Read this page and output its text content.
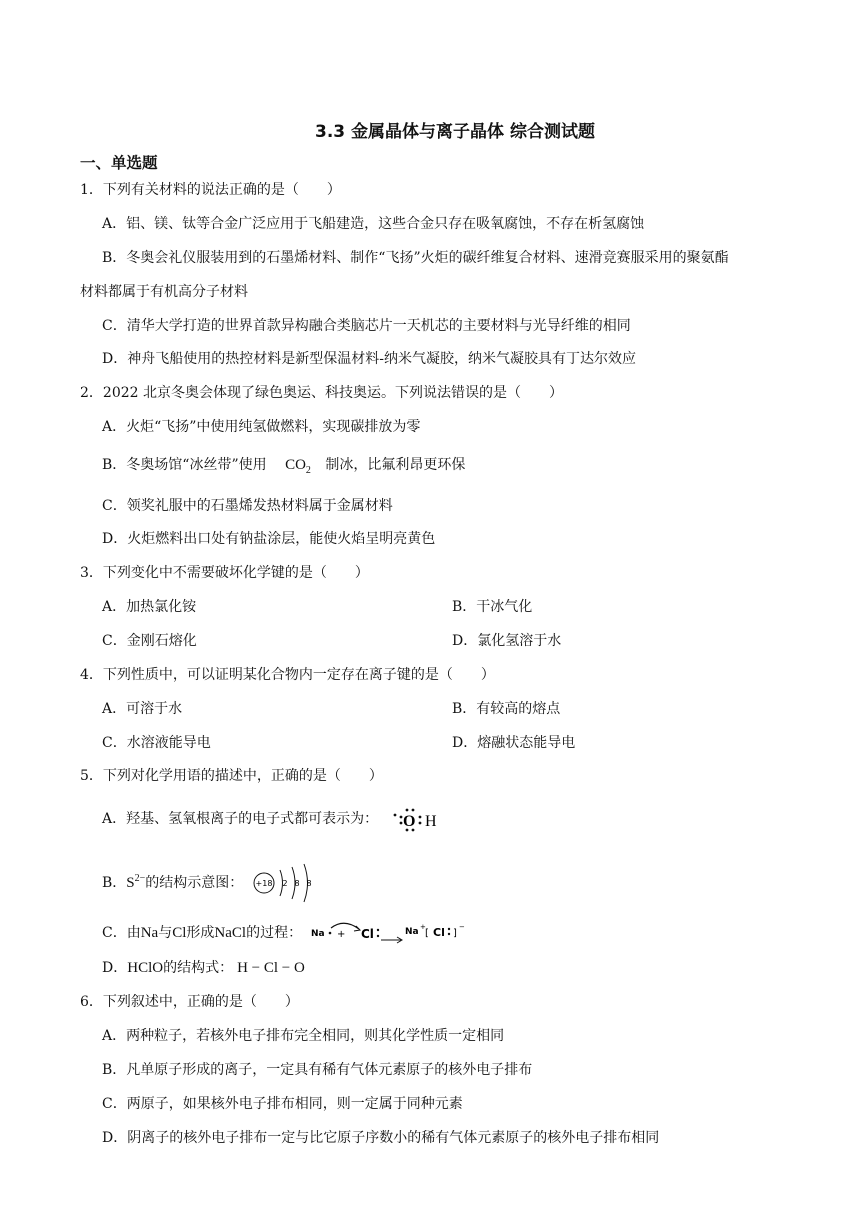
3.3 金属晶体与离子晶体 综合测试题
一、单选题
1．下列有关材料的说法正确的是（　　）
A．铝、镁、钛等合金广泛应用于飞船建造，这些合金只存在吸氧腐蚀，不存在析氢腐蚀
B．冬奥会礼仪服装用到的石墨烯材料、制作“飞扬”火炬的碳纤维复合材料、速滑竞赛服采用的聚氨酯
材料都属于有机高分子材料
C．清华大学打造的世界首款异构融合类脑芯片一天机芯的主要材料与光导纤维的相同
D．神舟飞船使用的热控材料是新型保温材料-纳米气凝胶，纳米气凝胶具有丁达尔效应
2．2022 北京冬奥会体现了绿色奥运、科技奥运。下列说法错误的是（　　）
A．火炬“飞扬”中使用纯氢做燃料，实现碳排放为零
B．冬奥场馆“冰丝带”使用 $CO_2$ 制冰，比氟利昂更环保
C．领奖礼服中的石墨烯发热材料属于金属材料
D．火炬燃料出口处有钠盐涂层，能使火焰呈明亮黄色
3．下列变化中不需要破坏化学键的是（　　）
A．加热氯化铵	B．干冰气化
C．金刚石熔化	D．氯化氢溶于水
4．下列性质中，可以证明某化合物内一定存在离子键的是（　　）
A．可溶于水	B．有较高的熔点
C．水溶液能导电	D．熔融状态能导电
5．下列对化学用语的描述中，正确的是（　　）
A．羟基、氢氧根离子的电子式都可表示为： O H
B．$S^{2-}$的结构示意图： +18 2 8 8
C．由Na与Cl形成NaCl的过程： Na + Cl	Na +
[ Cl ]
−
D．HClO的结构式： H − Cl − O
6．下列叙述中，正确的是（　　）
A．两种粒子，若核外电子排布完全相同，则其化学性质一定相同
B．凡单原子形成的离子，一定具有稀有气体元素原子的核外电子排布
C．两原子，如果核外电子排布相同，则一定属于同种元素
D．阴离子的核外电子排布一定与比它原子序数小的稀有气体元素原子的核外电子排布相同
